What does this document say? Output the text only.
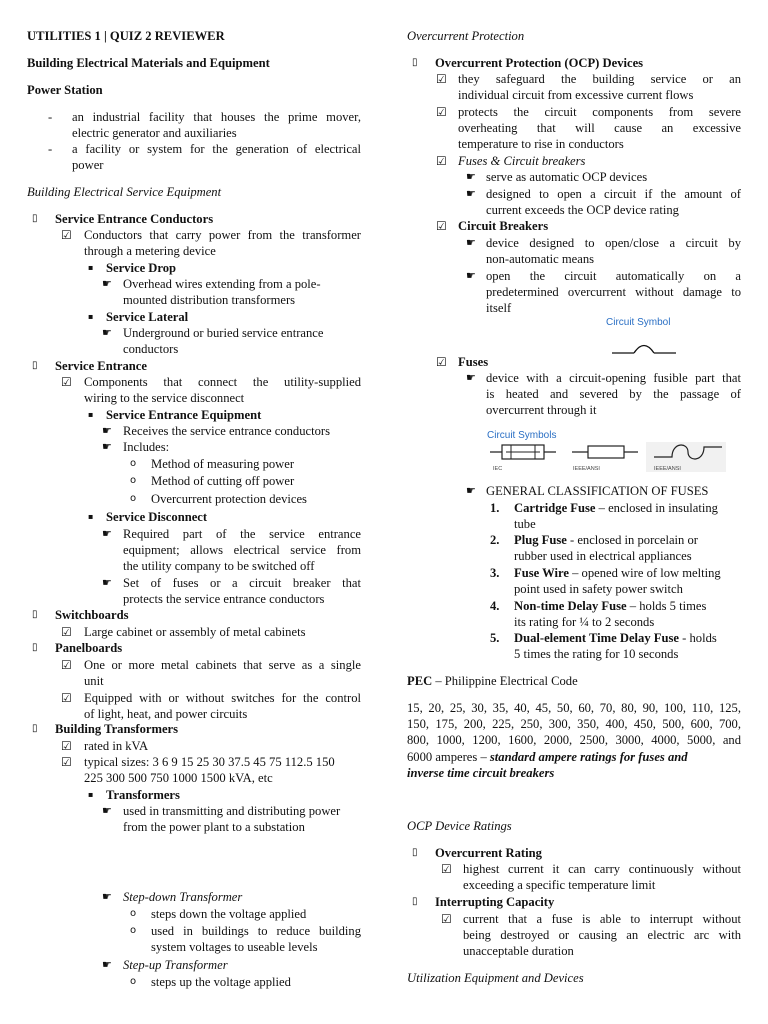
UTILITIES 1 | QUIZ 2 REVIEWER
Building Electrical Materials and Equipment
Power Station
- an industrial facility that houses the prime mover,
electric generator and auxiliaries
- a facility or system for the generation of electrical
power
Building Electrical Service Equipment
▯ Service Entrance Conductors
☑ Conductors that carry power from the transformer
through a metering device
▪ Service Drop
☛ Overhead wires extending from a pole-
mounted distribution transformers
▪ Service Lateral
☛ Underground or buried service entrance
conductors
▯ Service Entrance
☑ Components that connect the utility-supplied
wiring to the service disconnect
▪ Service Entrance Equipment
☛ Receives the service entrance conductors
☛ Includes:
o Method of measuring power
o Method of cutting off power
o Overcurrent protection devices
▪ Service Disconnect
☛ Required part of the service entrance
equipment; allows electrical service from
the utility company to be switched off
☛ Set of fuses or a circuit breaker that
protects the service entrance conductors
▯ Switchboards
☑ Large cabinet or assembly of metal cabinets
▯ Panelboards
☑ One or more metal cabinets that serve as a single
unit
☑ Equipped with or without switches for the control
of light, heat, and power circuits
▯ Building Transformers
☑ rated in kVA
☑ typical sizes: 3 6 9 15 25 30 37.5 45 75 112.5 150
225 300 500 750 1000 1500 kVA, etc
▪ Transformers
☛ used in transmitting and distributing power
from the power plant to a substation
☛ Step-down Transformer
o steps down the voltage applied
o used in buildings to reduce building
system voltages to useable levels
☛ Step-up Transformer
o steps up the voltage applied
Overcurrent Protection
▯ Overcurrent Protection (OCP) Devices
☑ they safeguard the building service or an
individual circuit from excessive current flows
☑ protects the circuit components from severe
overheating that will cause an excessive
temperature to rise in conductors
☑ Fuses & Circuit breakers
☛ serve as automatic OCP devices
☛ designed to open a circuit if the amount of
current exceeds the OCP device rating
☑ Circuit Breakers
☛ device designed to open/close a circuit by
non-automatic means
☛ open the circuit automatically on a
predetermined overcurrent without damage to
itself
Circuit Symbol
☑ Fuses
☛ device with a circuit-opening fusible part that
is heated and severed by the passage of
overcurrent through it
Circuit Symbols
IEC	IEEE/ANSI	IEEE/ANSI
☛ GENERAL CLASSIFICATION OF FUSES
1. Cartridge Fuse – enclosed in insulating
tube
2. Plug Fuse - enclosed in porcelain or
rubber used in electrical appliances
3. Fuse Wire – opened wire of low melting
point used in safety power switch
4. Non-time Delay Fuse – holds 5 times
its rating for ¼ to 2 seconds
5. Dual-element Time Delay Fuse - holds
5 times the rating for 10 seconds
PEC – Philippine Electrical Code
15, 20, 25, 30, 35, 40, 45, 50, 60, 70, 80, 90, 100, 110, 125,
150, 175, 200, 225, 250, 300, 350, 400, 450, 500, 600, 700,
800, 1000, 1200, 1600, 2000, 2500, 3000, 4000, 5000, and
6000 amperes – standard ampere ratings for fuses and
inverse time circuit breakers
OCP Device Ratings
▯ Overcurrent Rating
☑ highest current it can carry continuously without
exceeding a specific temperature limit
▯ Interrupting Capacity
☑ current that a fuse is able to interrupt without
being destroyed or causing an electric arc with
unacceptable duration
Utilization Equipment and Devices
